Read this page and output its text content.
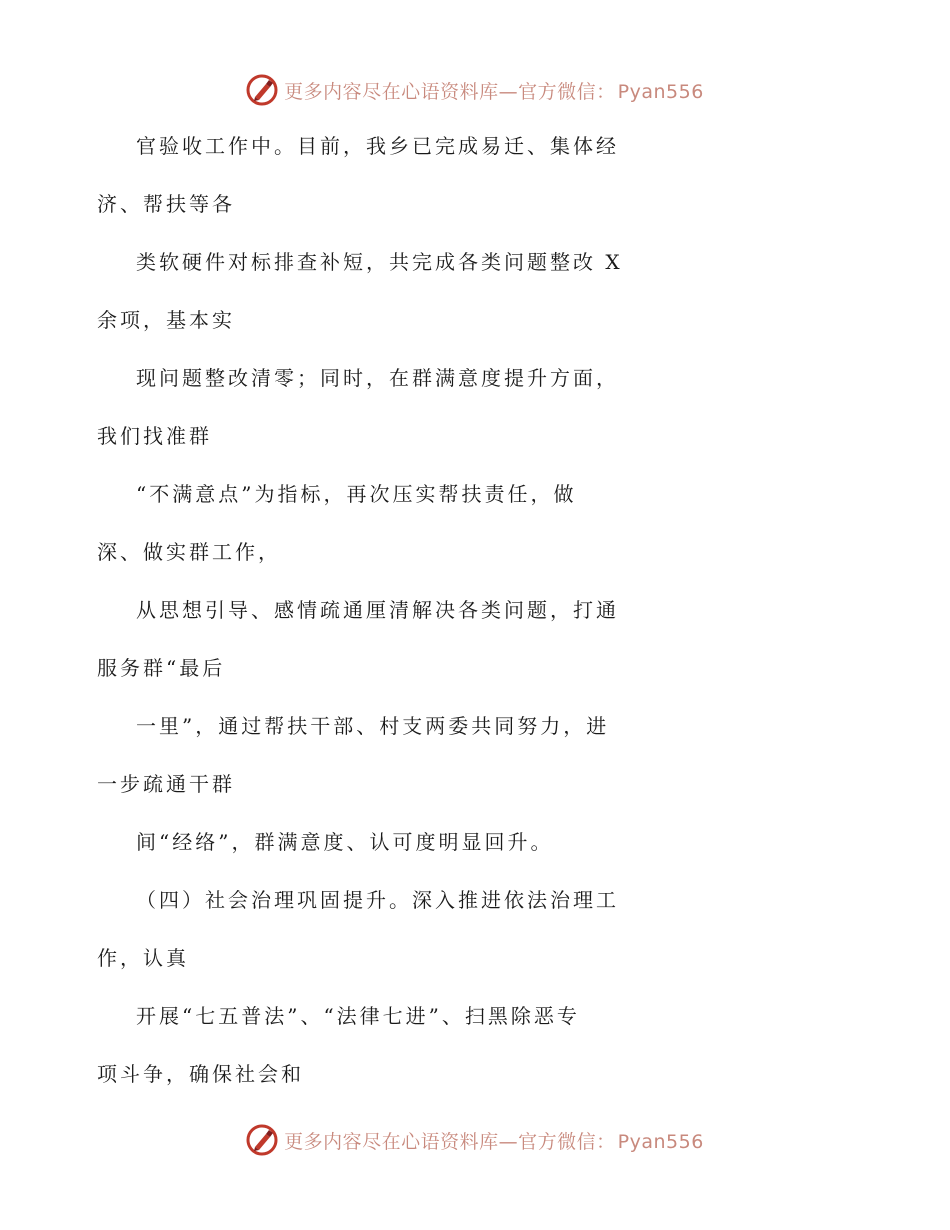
更多内容尽在心语资料库—官方微信： Pyan556

官验收工作中。目前，我乡已完成易迁、集体经
济、帮扶等各

类软硬件对标排查补短，共完成各类问题整改 X
余项，基本实

现问题整改清零；同时，在群满意度提升方面，
我们找准群

“不满意点”为指标，再次压实帮扶责任，做
深、做实群工作，

从思想引导、感情疏通厘清解决各类问题，打通
服务群“最后

一里”，通过帮扶干部、村支两委共同努力，进
一步疏通干群

间“经络”，群满意度、认可度明显回升。

（四）社会治理巩固提升。深入推进依法治理工
作，认真

开展“七五普法”、“法律七进”、扫黑除恶专
项斗争，确保社会和

更多内容尽在心语资料库—官方微信： Pyan556
